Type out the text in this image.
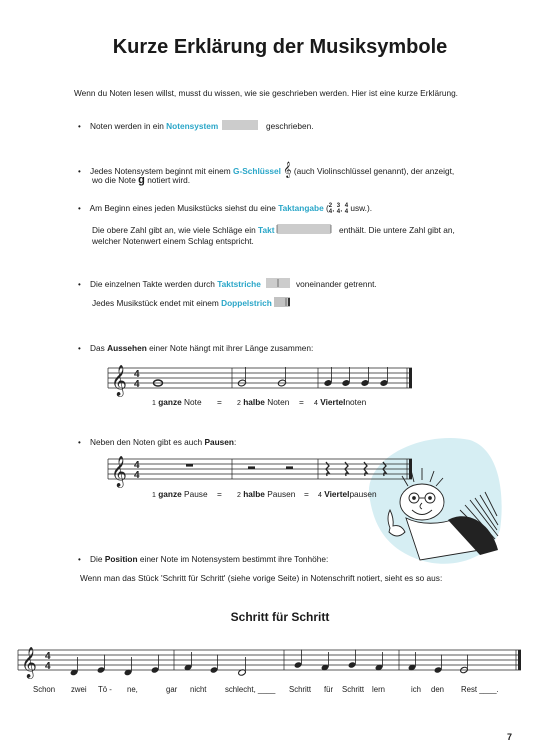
Kurze Erklärung der Musiksymbole
Wenn du Noten lesen willst, musst du wissen, wie sie geschrieben werden. Hier ist eine kurze Erklärung.
• Noten werden in ein Notensystem	geschrieben.
• Jedes Notensystem beginnt mit einem G-Schlüssel 𝄞 (auch Violinschlüssel genannt), der anzeigt,
wo die Note g notiert wird.
• Am Beginn eines jeden Musikstücks siehst du eine Taktangabe (2
4, 3
4, 4
4 usw.).
Die obere Zahl gibt an, wie viele Schläge ein Takt	enthält. Die untere Zahl gibt an,
welcher Notenwert einem Schlag entspricht.
• Die einzelnen Takte werden durch Taktstriche	voneinander getrennt.
Jedes Musikstück endet mit einem Doppelstrich
• Das Aussehen einer Note hängt mit ihrer Länge zusammen:
𝄞 4
4
1 ganze Note = 2 halbe Noten = 4 Viertelnoten
• Neben den Noten gibt es auch Pausen:
𝄞 4
4
1 ganze Pause = 2 halbe Pausen = 4 Viertelpausen
• Die Position einer Note im Notensystem bestimmt ihre Tonhöhe:
Wenn man das Stück 'Schritt für Schritt' (siehe vorige Seite) in Notenschrift notiert, sieht es so aus:
Schritt für Schritt
𝄞 4
4
Schon zwei Tö - ne,	gar nicht schlecht, ____ Schritt für Schritt lern	ich den Rest ____.
7
